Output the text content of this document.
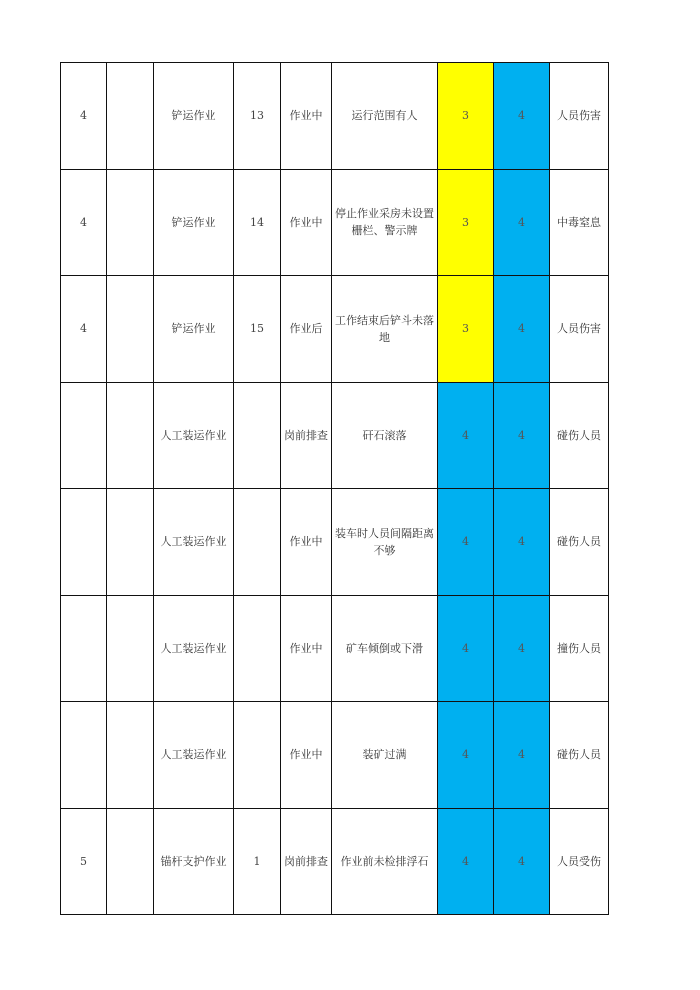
4		铲运作业	13	作业中	运行范围有人	3	4	人员伤害
4		铲运作业	14	作业中	停止作业采房未设置栅栏、警示牌	3	4	中毒窒息
4		铲运作业	15	作业后	工作结束后铲斗未落地	3	4	人员伤害
		人工装运作业		岗前排查	矸石滚落	4	4	碰伤人员
		人工装运作业		作业中	装车时人员间隔距离不够	4	4	碰伤人员
		人工装运作业		作业中	矿车倾倒或下滑	4	4	撞伤人员
		人工装运作业		作业中	装矿过满	4	4	碰伤人员
5		锚杆支护作业	1	岗前排查	作业前未检排浮石	4	4	人员受伤
